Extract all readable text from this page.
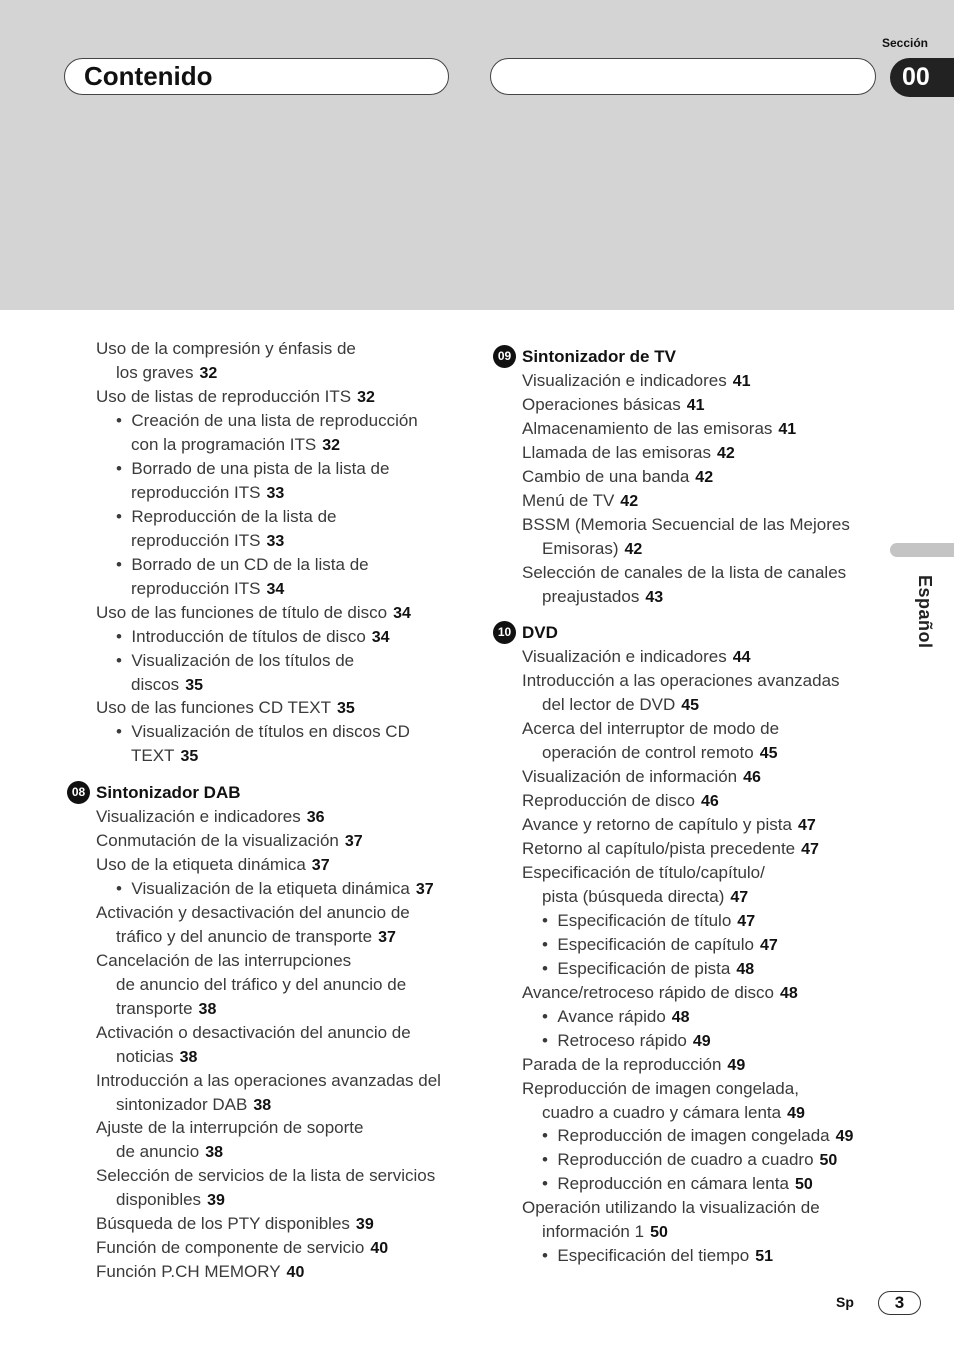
Sección
Contenido	00
Español
Uso de la compresión y énfasis de
los graves 32
Uso de listas de reproducción ITS 32
•  Creación de una lista de reproducción
con la programación ITS 32
•  Borrado de una pista de la lista de
reproducción ITS 33
•  Reproducción de la lista de
reproducción ITS 33
•  Borrado de un CD de la lista de
reproducción ITS 34
Uso de las funciones de título de disco 34
•  Introducción de títulos de disco 34
•  Visualización de los títulos de
discos 35
Uso de las funciones CD TEXT 35
•  Visualización de títulos en discos CD
TEXT 35
08 Sintonizador DAB
Visualización e indicadores 36
Conmutación de la visualización 37
Uso de la etiqueta dinámica 37
•  Visualización de la etiqueta dinámica 37
Activación y desactivación del anuncio de
tráfico y del anuncio de transporte 37
Cancelación de las interrupciones
de anuncio del tráfico y del anuncio de
transporte 38
Activación o desactivación del anuncio de
noticias 38
Introducción a las operaciones avanzadas del
sintonizador DAB 38
Ajuste de la interrupción de soporte
de anuncio 38
Selección de servicios de la lista de servicios
disponibles 39
Búsqueda de los PTY disponibles 39
Función de componente de servicio 40
Función P.CH MEMORY 40
09 Sintonizador de TV
Visualización e indicadores 41
Operaciones básicas 41
Almacenamiento de las emisoras 41
Llamada de las emisoras 42
Cambio de una banda 42
Menú de TV 42
BSSM (Memoria Secuencial de las Mejores
Emisoras) 42
Selección de canales de la lista de canales
preajustados 43
10 DVD
Visualización e indicadores 44
Introducción a las operaciones avanzadas
del lector de DVD 45
Acerca del interruptor de modo de
operación de control remoto 45
Visualización de información 46
Reproducción de disco 46
Avance y retorno de capítulo y pista 47
Retorno al capítulo/pista precedente 47
Especificación de título/capítulo/
pista (búsqueda directa) 47
•  Especificación de título 47
•  Especificación de capítulo 47
•  Especificación de pista 48
Avance/retroceso rápido de disco 48
•  Avance rápido 48
•  Retroceso rápido 49
Parada de la reproducción 49
Reproducción de imagen congelada,
cuadro a cuadro y cámara lenta 49
•  Reproducción de imagen congelada 49
•  Reproducción de cuadro a cuadro 50
•  Reproducción en cámara lenta 50
Operación utilizando la visualización de
información 1 50
•  Especificación del tiempo 51
Sp	3
